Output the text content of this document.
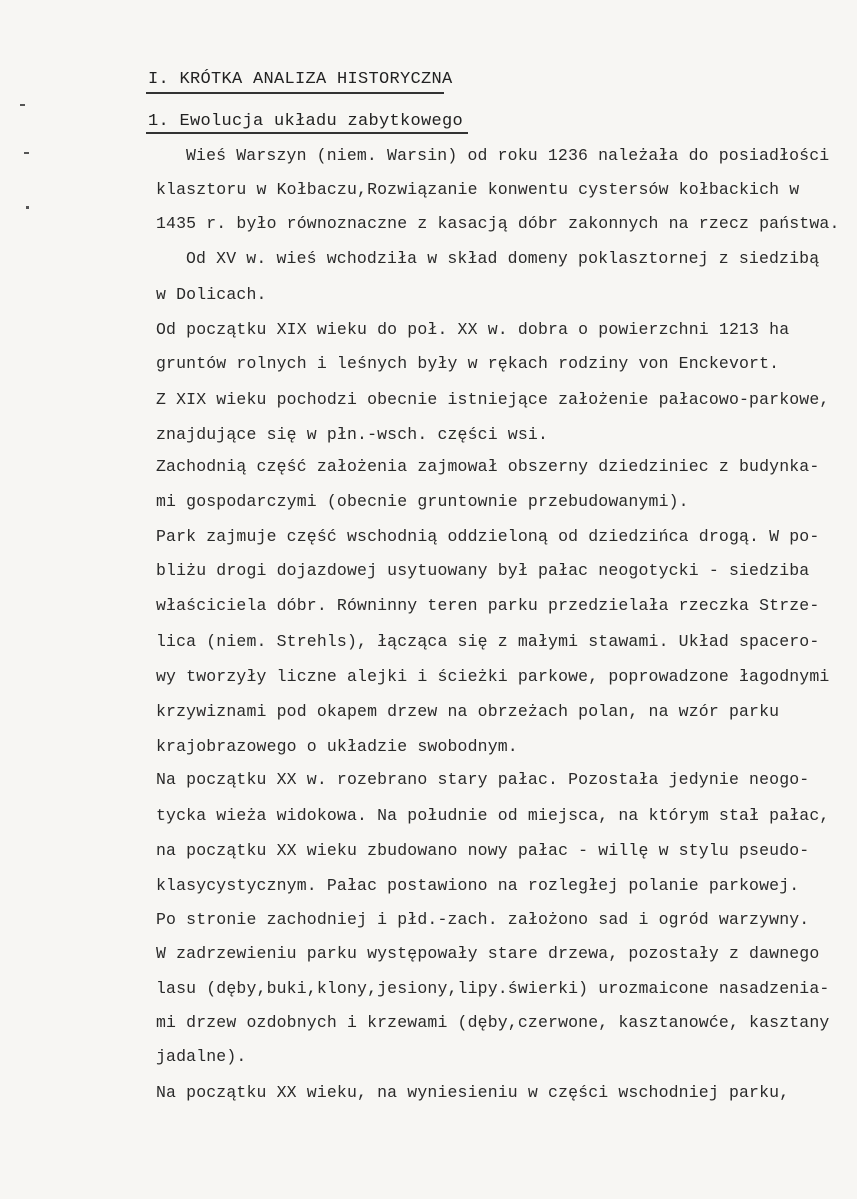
I. KRÓTKA ANALIZA HISTORYCZNA
1. Ewolucja układu zabytkowego
Wieś Warszyn (niem. Warsin) od roku 1236 należała do posiadłości
klasztoru w Kołbaczu,Rozwiązanie konwentu cystersów kołbackich w
1435 r. było równoznaczne z kasacją dóbr zakonnych na rzecz państwa.
Od XV w. wieś wchodziła w skład domeny poklasztornej z siedzibą
w Dolicach.
Od początku XIX wieku do poł. XX w. dobra o powierzchni 1213 ha
gruntów rolnych i leśnych były w rękach rodziny von Enckevort.
Z XIX wieku pochodzi obecnie istniejące założenie pałacowo-parkowe,
znajdujące się w płn.-wsch. części wsi.
Zachodnią część założenia zajmował obszerny dziedziniec z budynka-
mi gospodarczymi (obecnie gruntownie przebudowanymi).
Park zajmuje część wschodnią oddzieloną od dziedzińca drogą. W po-
bliżu drogi dojazdowej usytuowany był pałac neogotycki - siedziba
właściciela dóbr. Równinny teren parku przedzielała rzeczka Strze-
lica (niem. Strehls), łącząca się z małymi stawami. Układ spacero-
wy tworzyły liczne alejki i ścieżki parkowe, poprowadzone łagodnymi
krzywiznami pod okapem drzew na obrzeżach polan, na wzór parku
krajobrazowego o układzie swobodnym.
Na początku XX w. rozebrano stary pałac. Pozostała jedynie neogo-
tycka wieża widokowa. Na południe od miejsca, na którym stał pałac,
na początku XX wieku zbudowano nowy pałac - willę w stylu pseudo-
klasycystycznym. Pałac postawiono na rozległej polanie parkowej.
Po stronie zachodniej i płd.-zach. założono sad i ogród warzywny.
W zadrzewieniu parku występowały stare drzewa, pozostały z dawnego
lasu (dęby,buki,klony,jesiony,lipy.świerki) urozmaicone nasadzenia-
mi drzew ozdobnych i krzewami (dęby,czerwone, kasztanowće, kasztany
jadalne).
Na początku XX wieku, na wyniesieniu w części wschodniej parku,
